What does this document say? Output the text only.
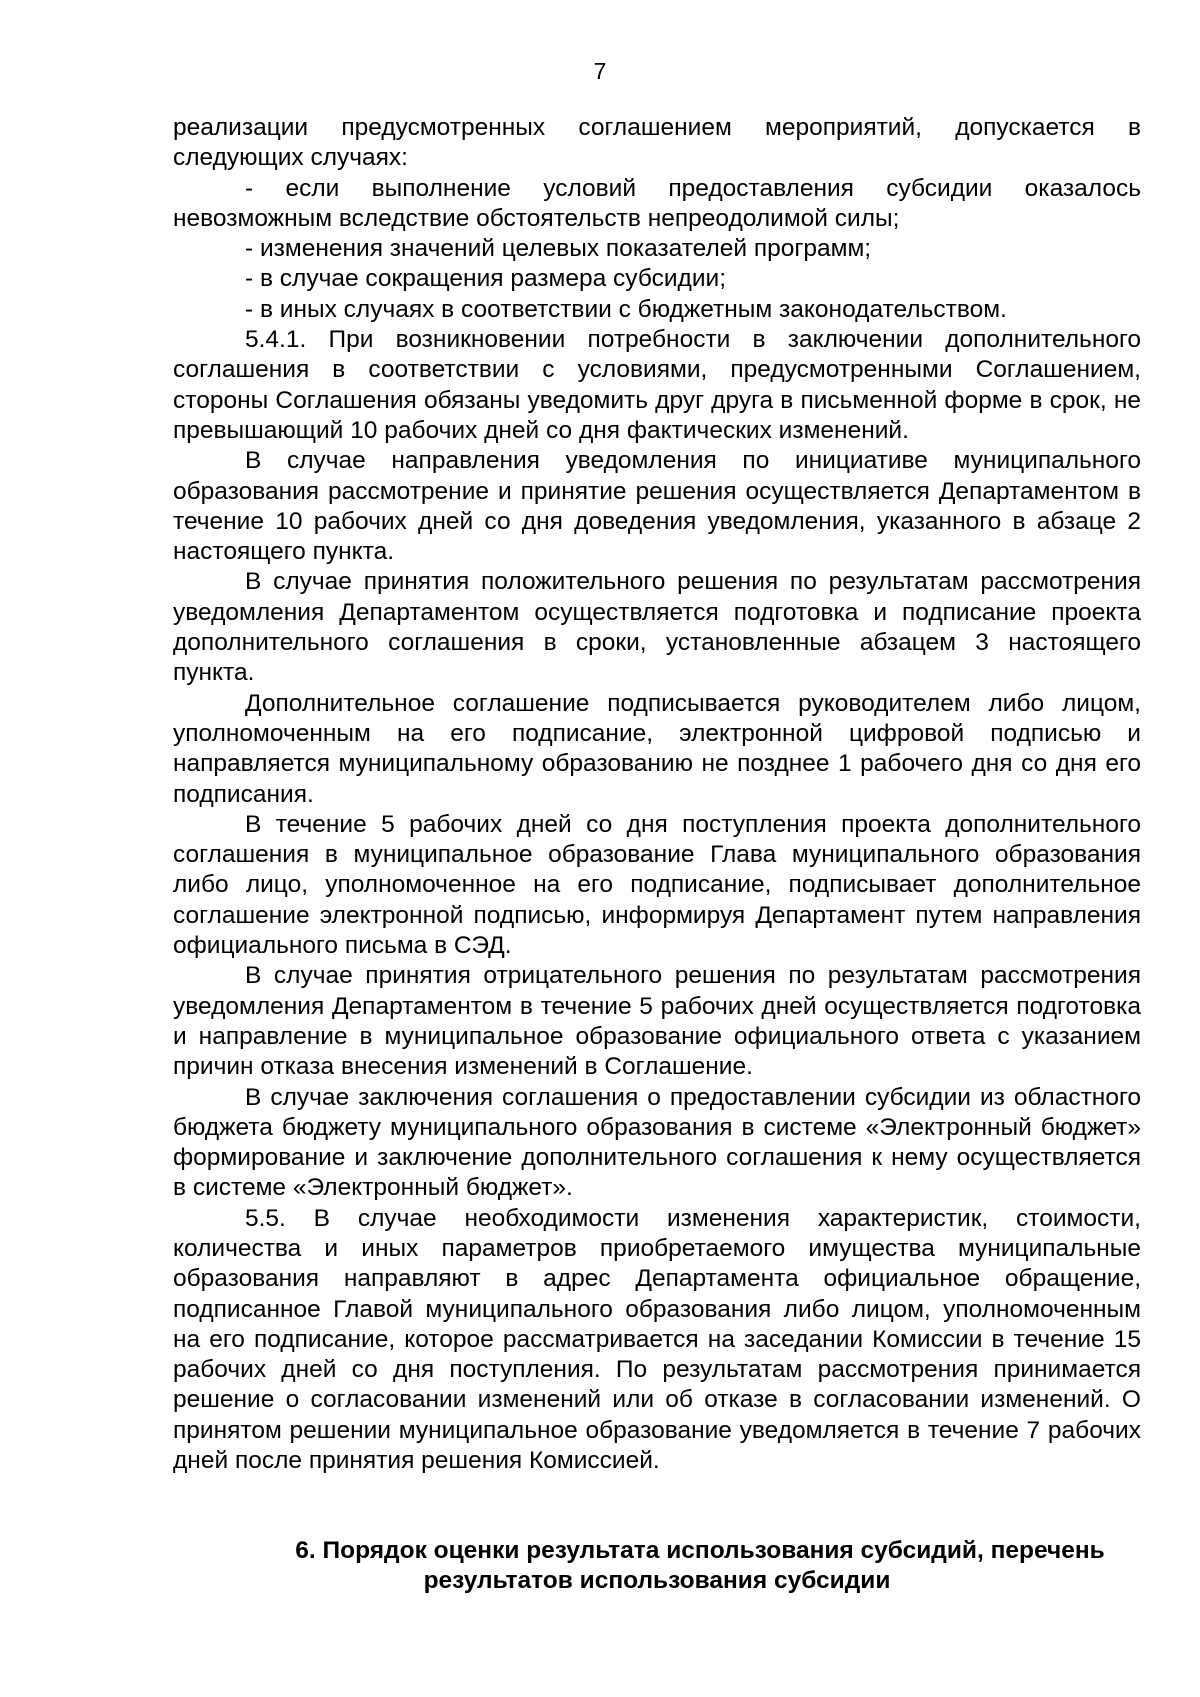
7

реализации предусмотренных соглашением мероприятий, допускается в следующих случаях:

- если выполнение условий предоставления субсидии оказалось невозможным вследствие обстоятельств непреодолимой силы;

- изменения значений целевых показателей программ;

- в случае сокращения размера субсидии;

- в иных случаях в соответствии с бюджетным законодательством.

5.4.1. При возникновении потребности в заключении дополнительного соглашения в соответствии с условиями, предусмотренными Соглашением, стороны Соглашения обязаны уведомить друг друга в письменной форме в срок, не превышающий 10 рабочих дней со дня фактических изменений.

В случае направления уведомления по инициативе муниципального образования рассмотрение и принятие решения осуществляется Департаментом в течение 10 рабочих дней со дня доведения уведомления, указанного в абзаце 2 настоящего пункта.

В случае принятия положительного решения по результатам рассмотрения уведомления Департаментом осуществляется подготовка и подписание проекта дополнительного соглашения в сроки, установленные абзацем 3 настоящего пункта.

Дополнительное соглашение подписывается руководителем либо лицом, уполномоченным на его подписание, электронной цифровой подписью и направляется муниципальному образованию не позднее 1 рабочего дня со дня его подписания.

В течение 5 рабочих дней со дня поступления проекта дополнительного соглашения в муниципальное образование Глава муниципального образования либо лицо, уполномоченное на его подписание, подписывает дополнительное соглашение электронной подписью, информируя Департамент путем направления официального письма в СЭД.

В случае принятия отрицательного решения по результатам рассмотрения уведомления Департаментом в течение 5 рабочих дней осуществляется подготовка и направление в муниципальное образование официального ответа с указанием причин отказа внесения изменений в Соглашение.

В случае заключения соглашения о предоставлении субсидии из областного бюджета бюджету муниципального образования в системе «Электронный бюджет» формирование и заключение дополнительного соглашения к нему осуществляется в системе «Электронный бюджет».

5.5. В случае необходимости изменения характеристик, стоимости, количества и иных параметров приобретаемого имущества муниципальные образования направляют в адрес Департамента официальное обращение, подписанное Главой муниципального образования либо лицом, уполномоченным на его подписание, которое рассматривается на заседании Комиссии в течение 15 рабочих дней со дня поступления. По результатам рассмотрения принимается решение о согласовании изменений или об отказе в согласовании изменений. О принятом решении муниципальное образование уведомляется в течение 7 рабочих дней после принятия решения Комиссией.

6. Порядок оценки результата использования субсидий, перечень
результатов использования субсидии
